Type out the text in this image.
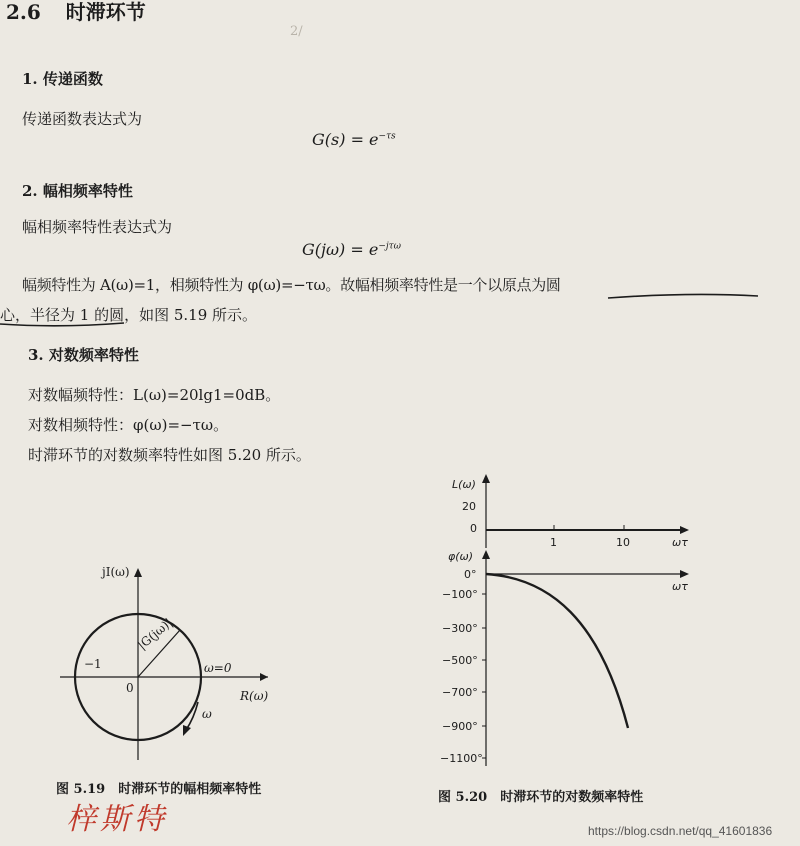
2.6 时滞环节
2/　　　　　　　　　　　　　　　　
1. 传递函数
传递函数表达式为
$G(s) = e^{-\tau s}$
2. 幅相频率特性
幅相频率特性表达式为
$G(j\omega) = e^{-j\tau\omega}$
幅频特性为 A(ω)=1，相频特性为 φ(ω)=−τω。故幅相频率特性是一个以原点为圆
心，半径为 1 的圆，如图 5.19 所示。
3. 对数频率特性
对数幅频特性：L(ω)=20lg1=0dB。
对数相频特性：φ(ω)=−τω。
时滞环节的对数频率特性如图 5.20 所示。
jI(ω)
R(ω)
−1
0
|G(jω)|
ω=0
ω
图 5.19　时滞环节的幅相频率特性
L(ω)
20
0
1	10	ωτ
φ(ω)
0°
−100°
−300°
−500°
−700°
−900°
−1100°
ωτ
图 5.20　时滞环节的对数频率特性
梓斯特	https://blog.csdn.net/qq_41601836
